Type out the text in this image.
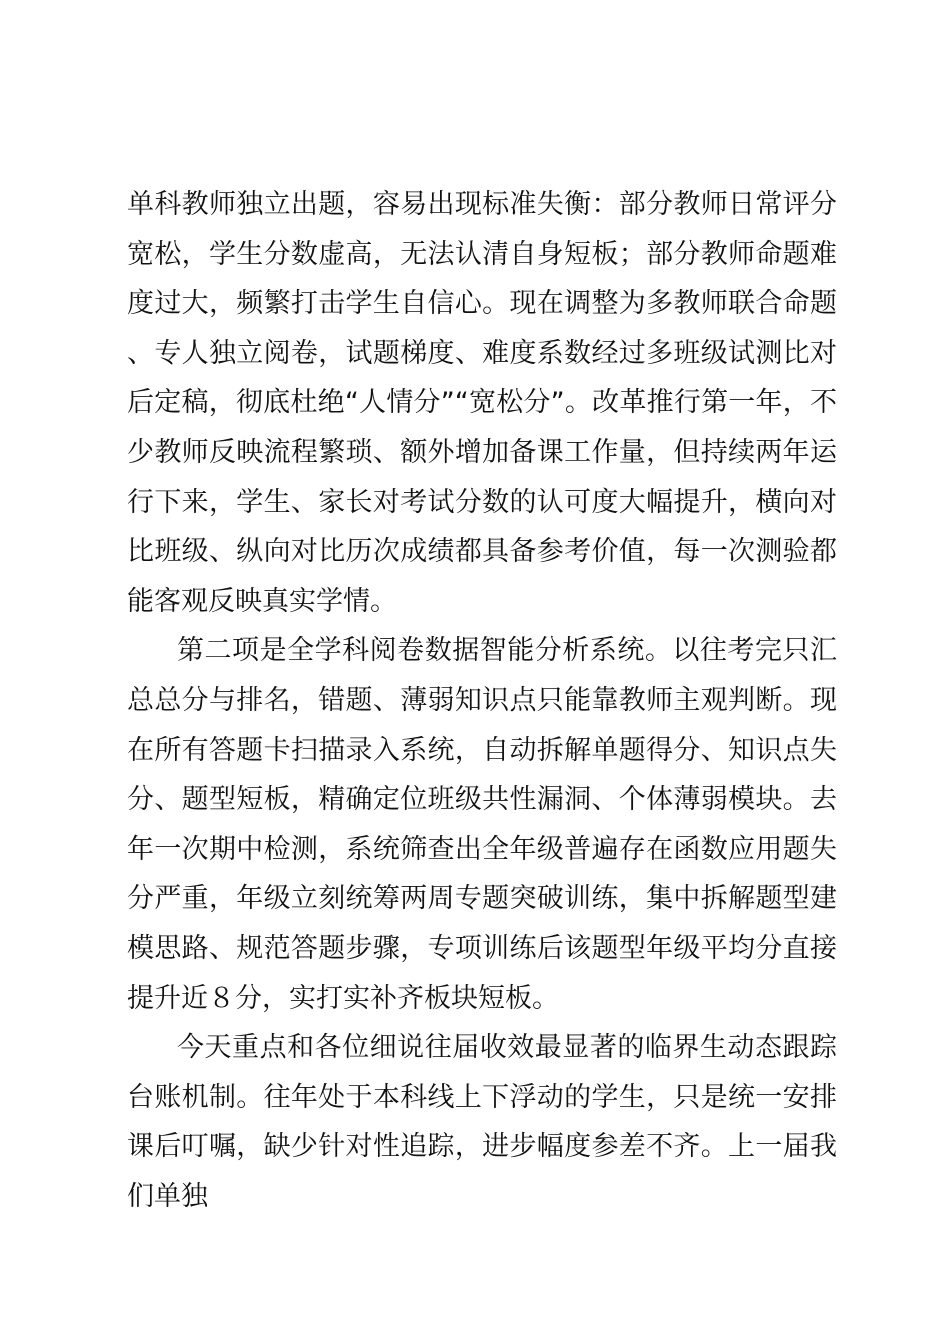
单科教师独立出题，容易出现标准失衡：部分教师日常评分宽松，学生分数虚高，无法认清自身短板；部分教师命题难度过大，频繁打击学生自信心。现在调整为多教师联合命题、专人独立阅卷，试题梯度、难度系数经过多班级试测比对后定稿，彻底杜绝“人情分”“宽松分”。改革推行第一年，不少教师反映流程繁琐、额外增加备课工作量，但持续两年运行下来，学生、家长对考试分数的认可度大幅提升，横向对比班级、纵向对比历次成绩都具备参考价值，每一次测验都能客观反映真实学情。

第二项是全学科阅卷数据智能分析系统。以往考完只汇总总分与排名，错题、薄弱知识点只能靠教师主观判断。现在所有答题卡扫描录入系统，自动拆解单题得分、知识点失分、题型短板，精确定位班级共性漏洞、个体薄弱模块。去年一次期中检测，系统筛查出全年级普遍存在函数应用题失分严重，年级立刻统筹两周专题突破训练，集中拆解题型建模思路、规范答题步骤，专项训练后该题型年级平均分直接提升近８分，实打实补齐板块短板。

今天重点和各位细说往届收效最显著的临界生动态跟踪台账机制。往年处于本科线上下浮动的学生，只是统一安排课后叮嘱，缺少针对性追踪，进步幅度参差不齐。上一届我们单独
